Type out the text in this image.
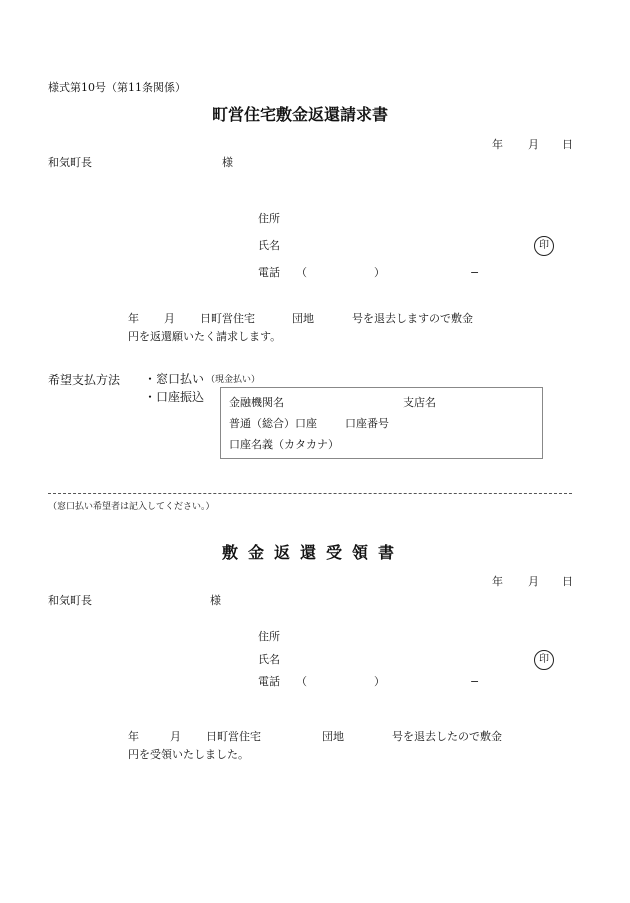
様式第10号（第11条関係）
町営住宅敷金返還請求書
年 月 日
和気町長	様
住所
氏名	印
電話 （	）	−
年 月 日町営住宅	団地	号を退去しますので敷金
円を返還願いたく請求します。
希望支払方法 ・窓口払い （現金払い）
・口座振込 金融機関名	支店名
普通（総合）口座	口座番号
口座名義（カタカナ）
（窓口払い希望者は記入してください。）
敷金返還受領書
年 月 日
和気町長	様
住所
氏名	印
電話 （	）	−
年	月 日町営住宅	団地	号を退去したので敷金
円を受領いたしました。
